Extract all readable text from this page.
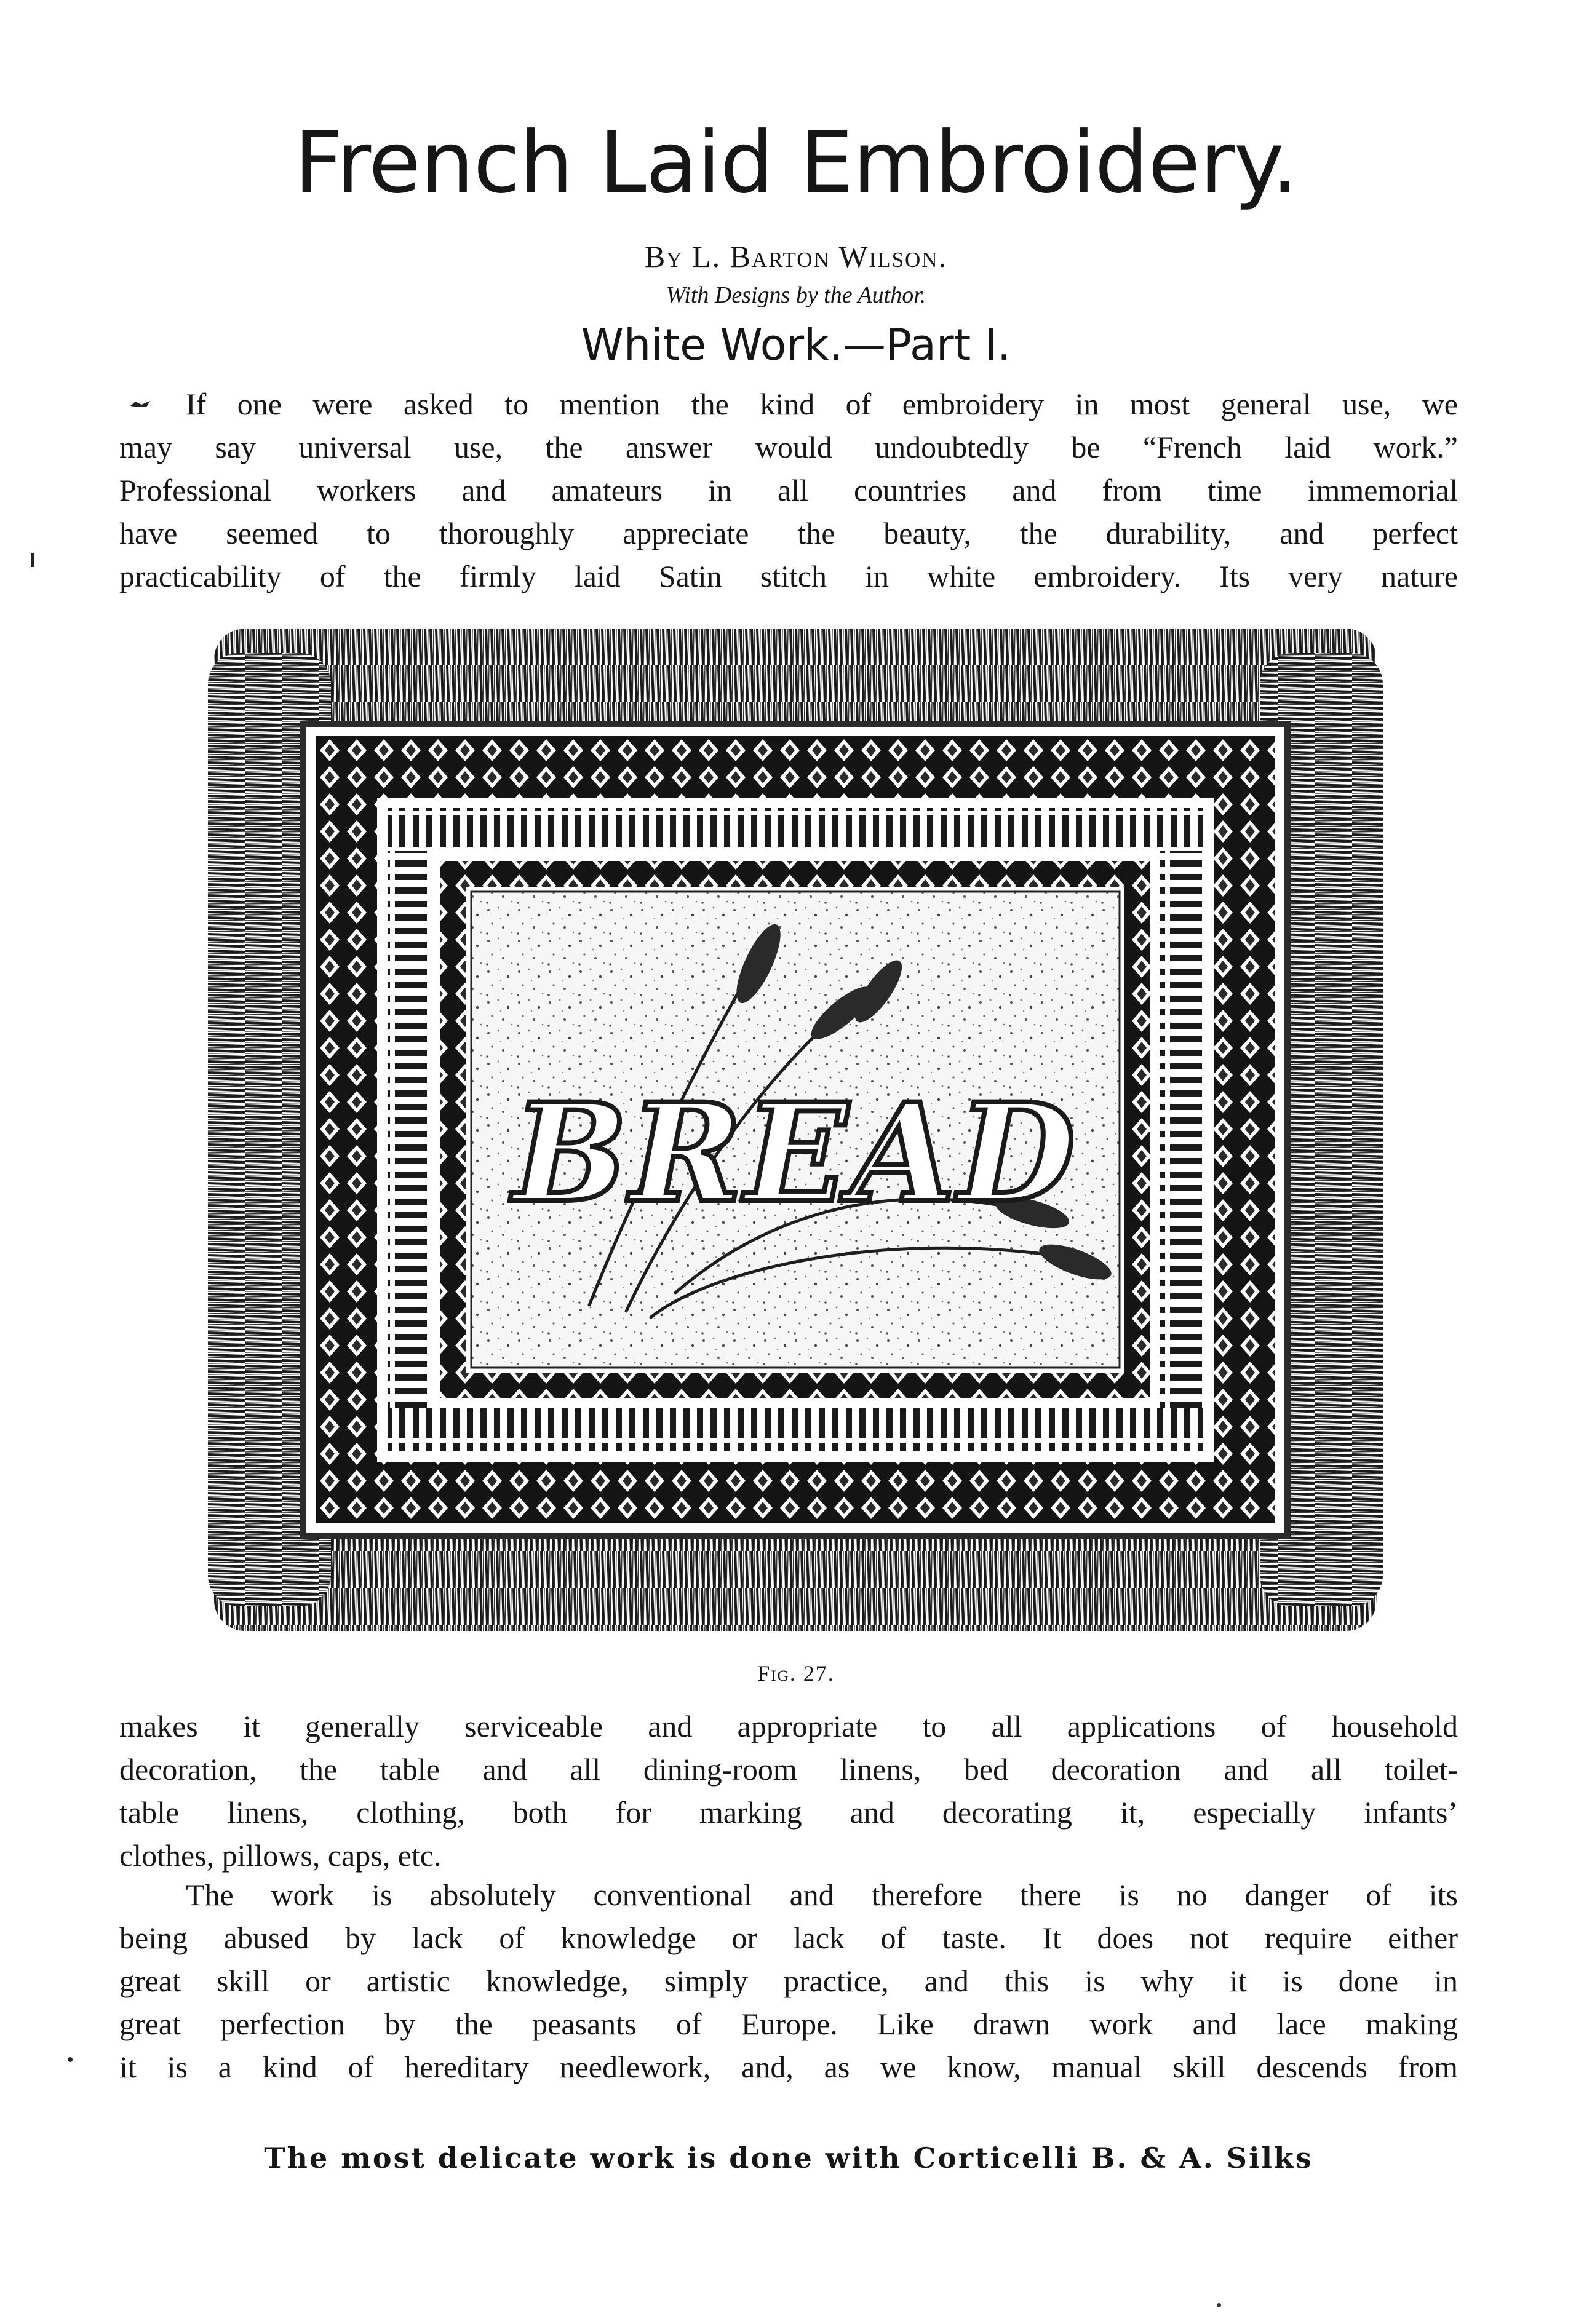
French Laid Embroidery.
By L. Barton Wilson.
With Designs by the Author.
White Work.—Part I.
If one were asked to mention the kind of embroidery in most general use, we
may say universal use, the answer would undoubtedly be “French laid work.”
Professional workers and amateurs in all countries and from time immemorial
have seemed to thoroughly appreciate the beauty, the durability, and perfect
practicability of the firmly laid Satin stitch in white embroidery. Its very nature
BREAD
Fig. 27.
makes it generally serviceable and appropriate to all applications of household
decoration, the table and all dining-room linens, bed decoration and all toilet-
table linens, clothing, both for marking and decorating it, especially infants’
clothes, pillows, caps, etc.
The work is absolutely conventional and therefore there is no danger of its
being abused by lack of knowledge or lack of taste. It does not require either
great skill or artistic knowledge, simply practice, and this is why it is done in
great perfection by the peasants of Europe. Like drawn work and lace making
it is a kind of hereditary needlework, and, as we know, manual skill descends from
The most delicate work is done with Corticelli B. & A. Silks
